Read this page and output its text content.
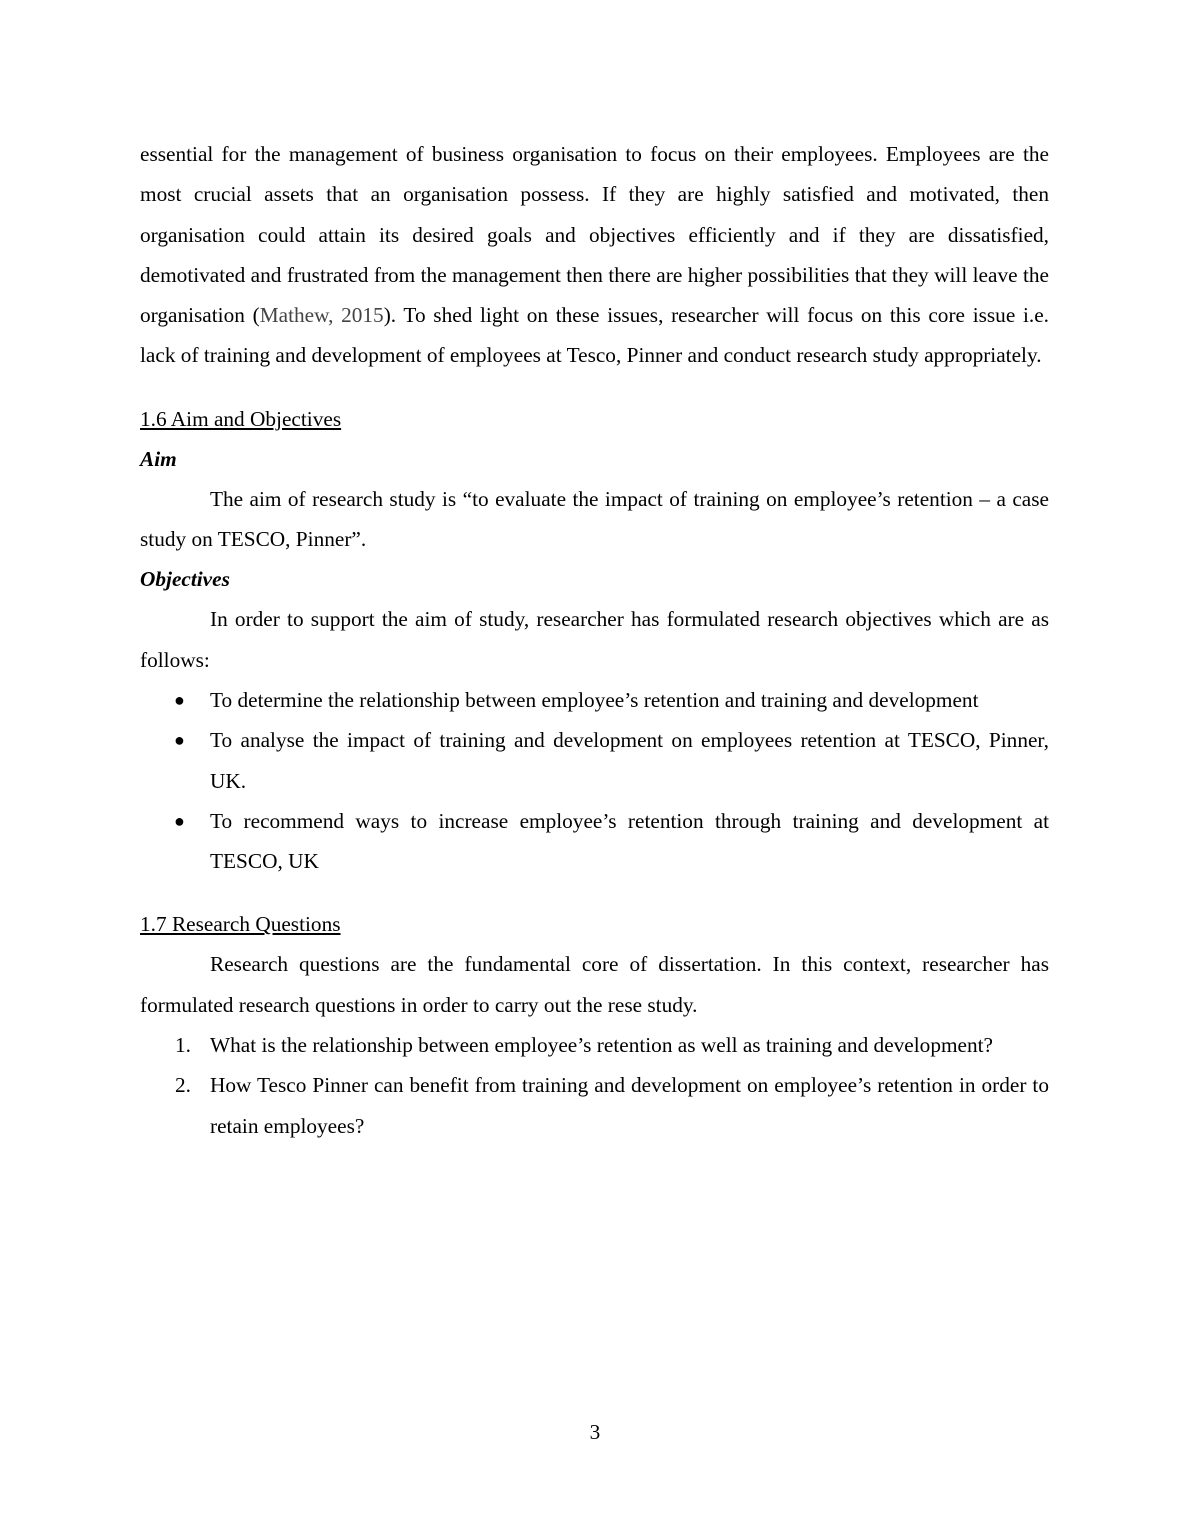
essential for the management of business organisation to focus on their employees. Employees are the most crucial assets that an organisation possess. If they are highly satisfied and motivated, then organisation could attain its desired goals and objectives efficiently and if they are dissatisfied, demotivated and frustrated from the management then there are higher possibilities that they will leave the organisation (Mathew, 2015). To shed light on these issues, researcher will focus on this core issue i.e. lack of training and development of employees at Tesco, Pinner and conduct research study appropriately.

1.6 Aim and Objectives
Aim

The aim of research study is “to evaluate the impact of training on employee’s retention – a case study on TESCO, Pinner”.

Objectives

In order to support the aim of study, researcher has formulated research objectives which are as follows:

● To determine the relationship between employee’s retention and training and development
● To analyse the impact of training and development on employees retention at TESCO, Pinner, UK.
● To recommend ways to increase employee’s retention through training and development at TESCO, UK
1.7 Research Questions

Research questions are the fundamental core of dissertation. In this context, researcher has formulated research questions in order to carry out the rese study.

1. What is the relationship between employee’s retention as well as training and development?
2. How Tesco Pinner can benefit from training and development on employee’s retention in order to retain employees?
3
